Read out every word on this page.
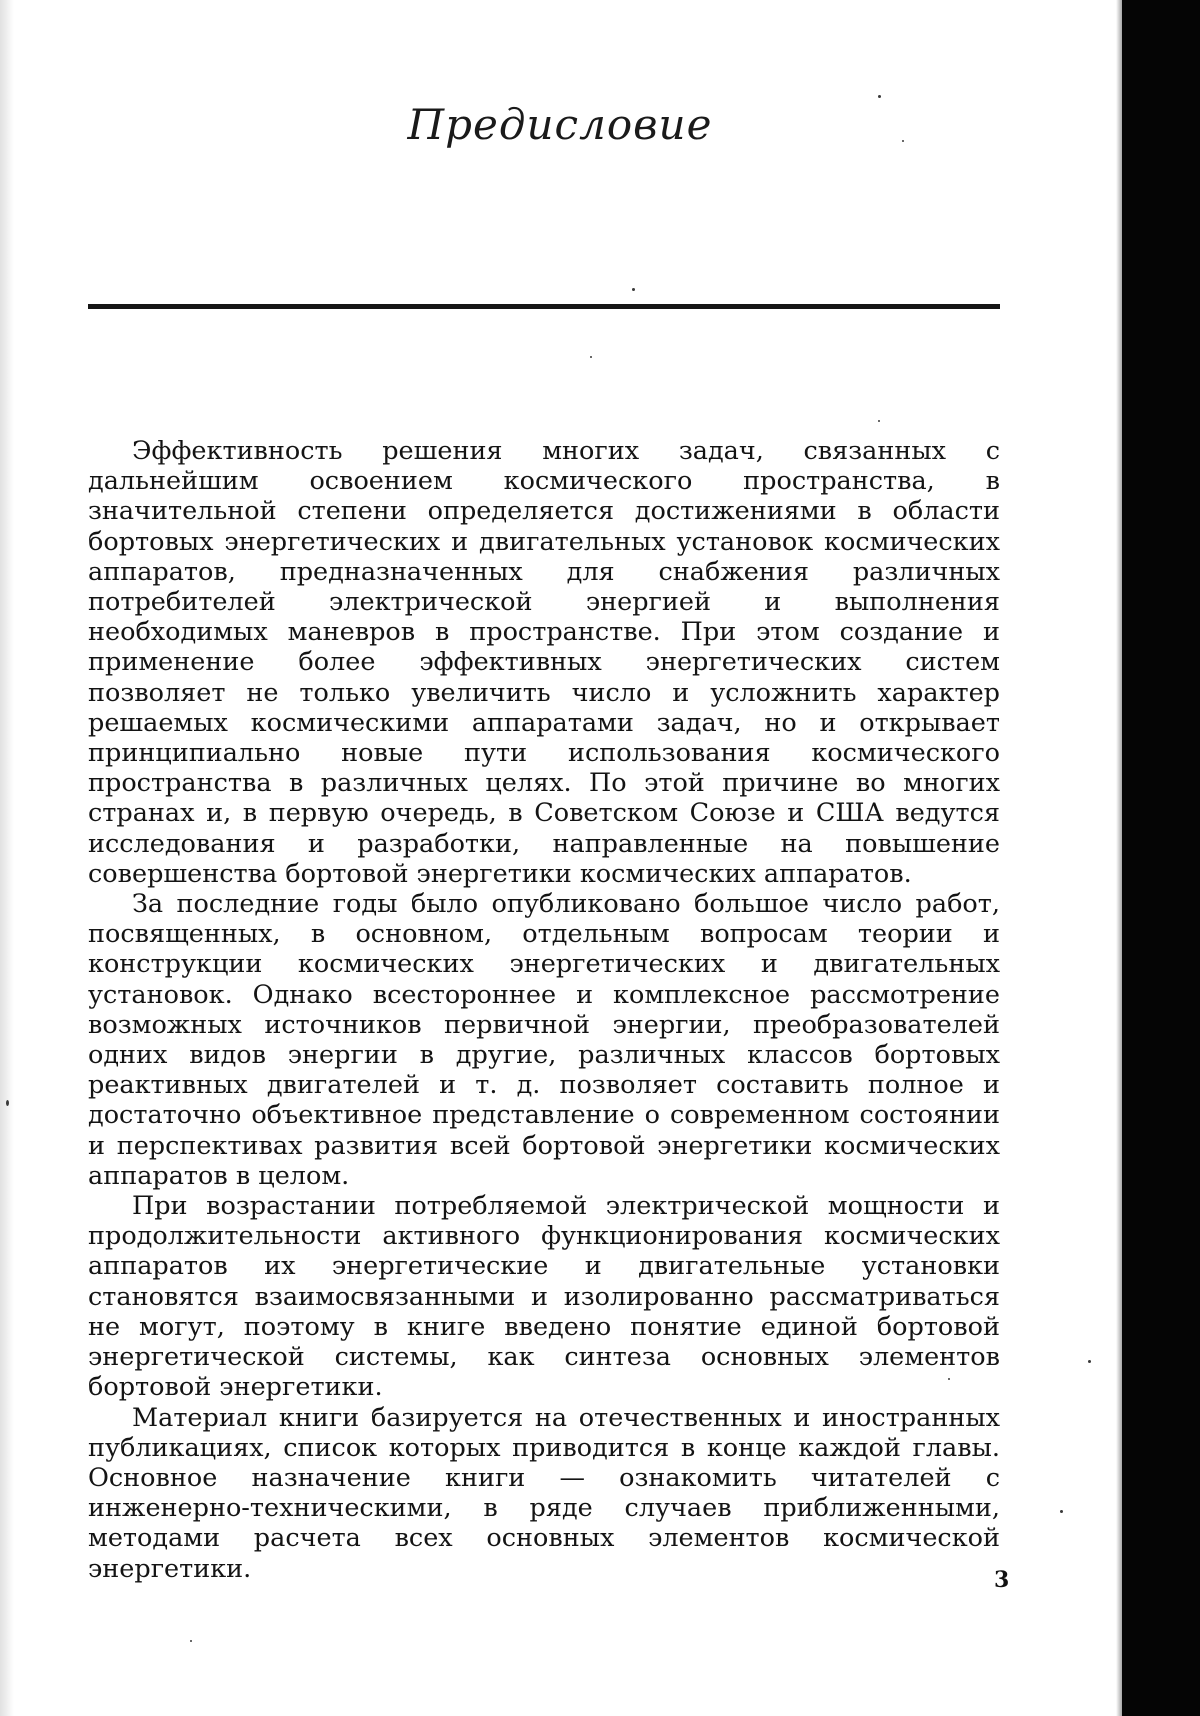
Предисловие

Эффективность решения многих задач, связанных с дальнейшим освоением космического пространства, в значительной степени определяется достижениями в области бортовых энергетических и двигательных установок космических аппаратов, предназначенных для снабжения различных потребителей электрической энергией и выполнения необходимых маневров в пространстве. При этом создание и применение более эффективных энергетических систем позволяет не только увеличить число и усложнить характер решаемых космическими аппаратами задач, но и открывает принципиально новые пути использования космического пространства в различных целях. По этой причине во многих странах и, в первую очередь, в Советском Союзе и США ведутся исследования и разработки, направленные на повышение совершенства бортовой энергетики космических аппаратов.

За последние годы было опубликовано большое число работ, посвященных, в основном, отдельным вопросам теории и конструкции космических энергетических и двигательных установок. Однако всестороннее и комплексное рассмотрение возможных источников первичной энергии, преобразователей одних видов энергии в другие, различных классов бортовых реактивных двигателей и т. д. позволяет составить полное и достаточно объективное представление о современном состоянии и перспективах развития всей бортовой энергетики космических аппаратов в целом.

При возрастании потребляемой электрической мощности и продолжительности активного функционирования космических аппаратов их энергетические и двигательные установки становятся взаимосвязанными и изолированно рассматриваться не могут, поэтому в книге введено понятие единой бортовой энергетической системы, как синтеза основных элементов бортовой энергетики.

Материал книги базируется на отечественных и иностранных публикациях, список которых приводится в конце каждой главы. Основное назначение книги — ознакомить читателей с инженерно-техническими, в ряде случаев приближенными, методами расчета всех основных элементов космической энергетики.	3
